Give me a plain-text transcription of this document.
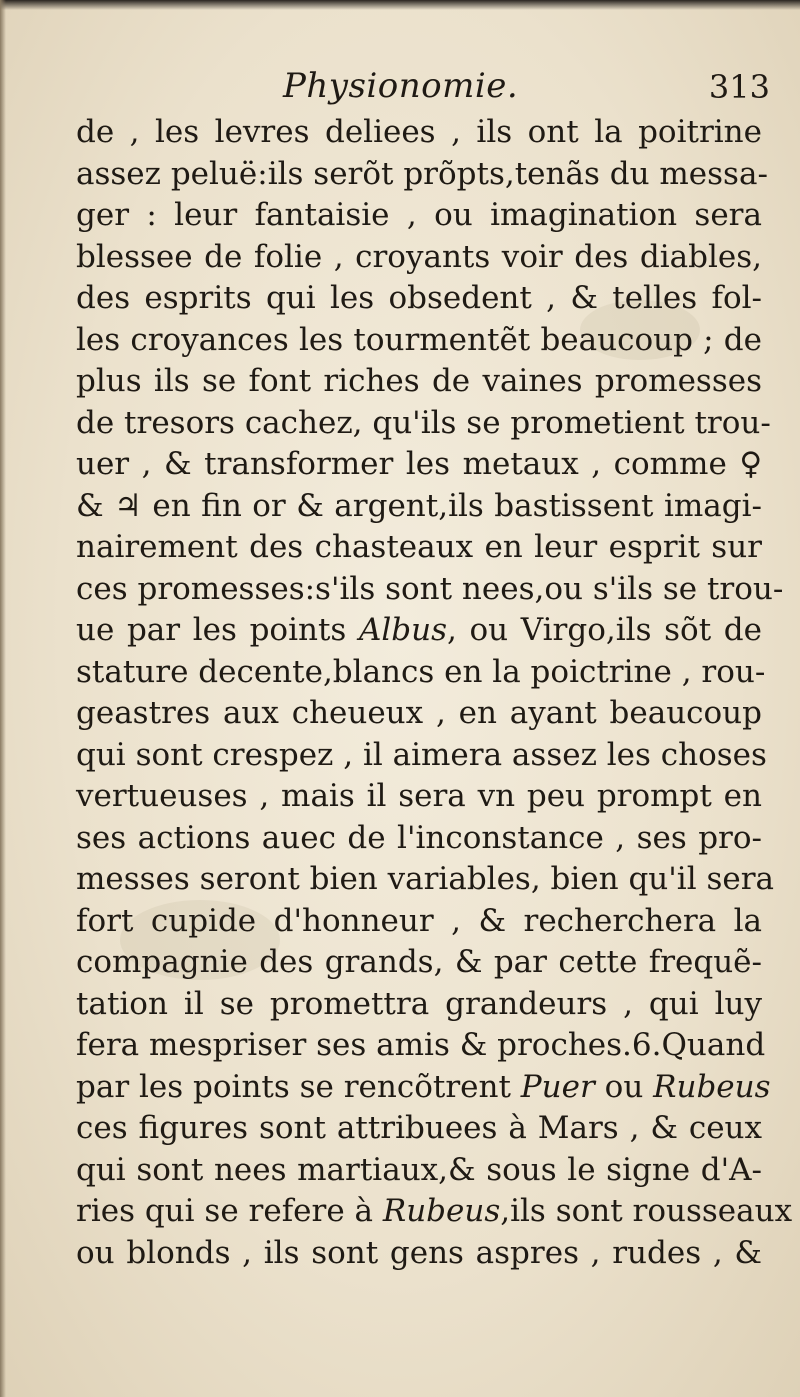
Physionomie.	313
de , les levres deliees , ils ont la poitrine
assez peluë:ils serõt prõpts,tenãs du messa-
ger : leur fantaisie , ou imagination sera
blessee de folie , croyants voir des diables,
des esprits qui les obsedent , & telles fol-
les croyances les tourmentẽt beaucoup ; de
plus ils se font riches de vaines promesses
de tresors cachez, qu'ils se prometient trou-
uer , & transformer les metaux , comme ♀
& ♃ en fin or & argent,ils bastissent imagi-
nairement des chasteaux en leur esprit sur
ces promesses:s'ils sont nees,ou s'ils se trou-
ue par les points Albus, ou Virgo,ils sõt de
stature decente,blancs en la poictrine , rou-
geastres aux cheueux , en ayant beaucoup
qui sont crespez , il aimera assez les choses
vertueuses , mais il sera vn peu prompt en
ses actions auec de l'inconstance , ses pro-
messes seront bien variables, bien qu'il sera
fort cupide d'honneur , & recherchera la
compagnie des grands, & par cette frequẽ-
tation il se promettra grandeurs , qui luy
fera mespriser ses amis & proches.6.Quand
par les points se rencõtrent Puer ou Rubeus
ces figures sont attribuees à Mars , & ceux
qui sont nees martiaux,& sous le signe d'A-
ries qui se refere à Rubeus,ils sont rousseaux
ou blonds , ils sont gens aspres , rudes , &
